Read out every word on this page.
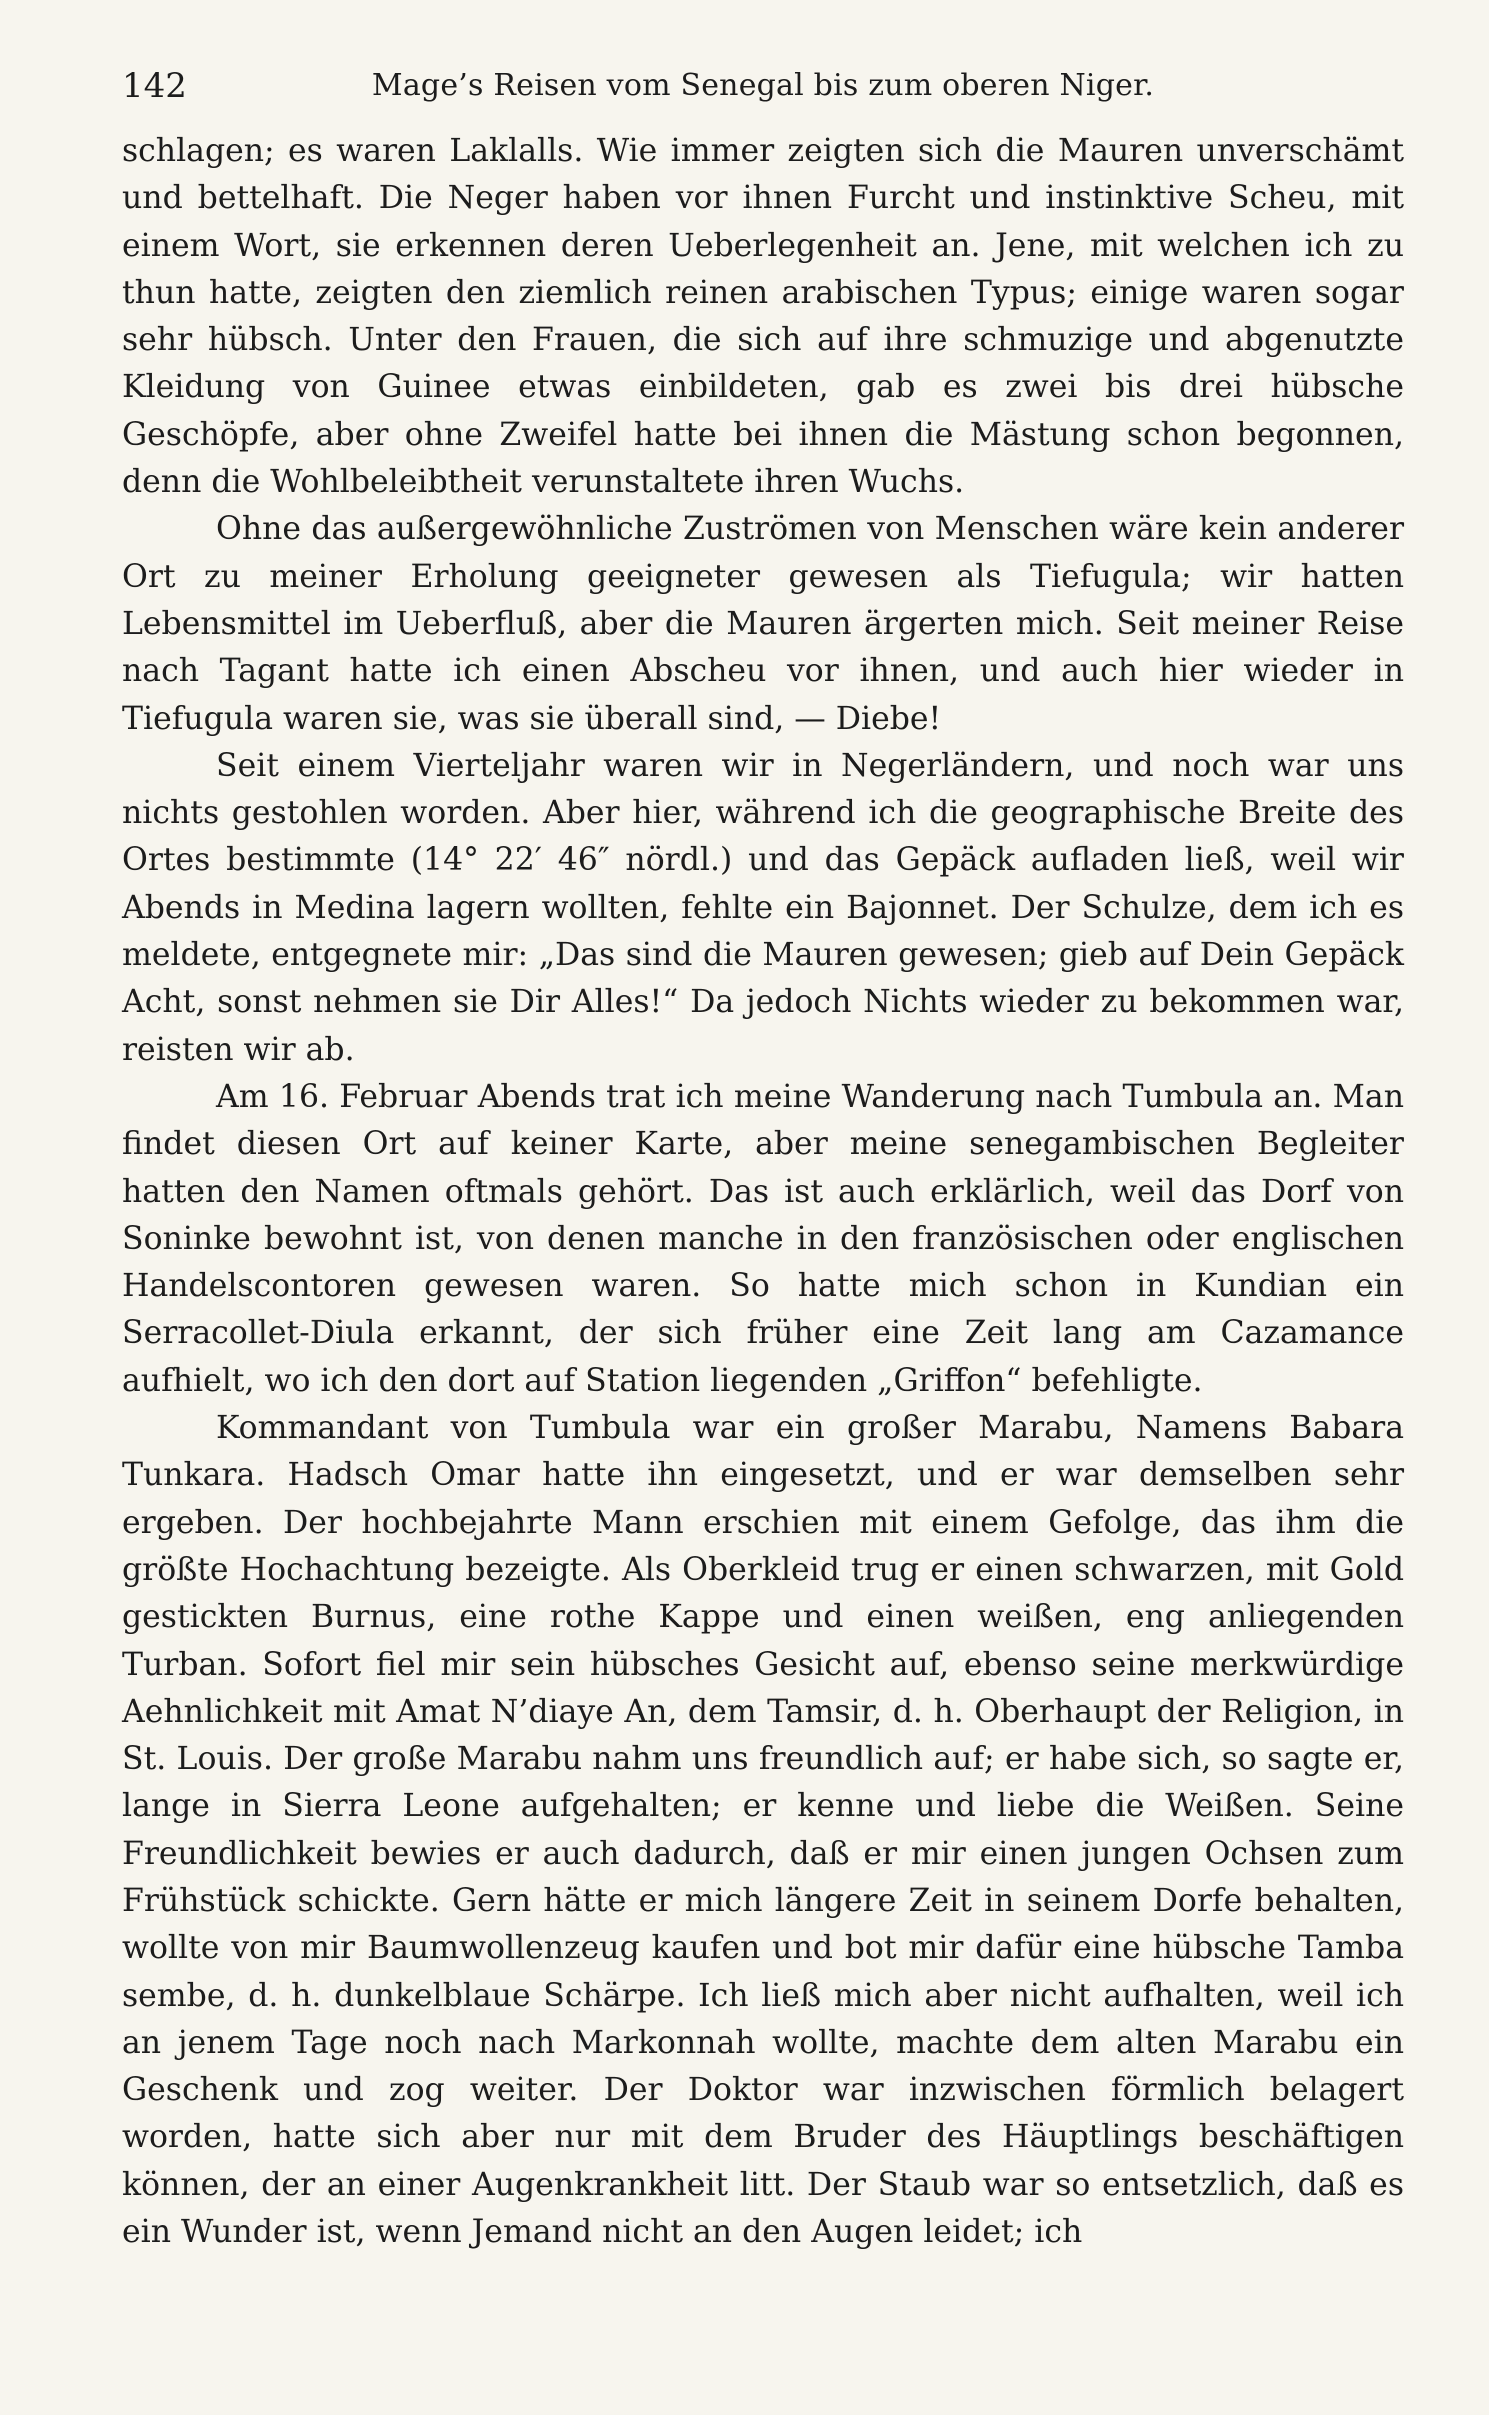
142	Mage’s Reisen vom Senegal bis zum oberen Niger.

schlagen; es waren Laklalls. Wie immer zeigten sich die Mauren unverschämt und bettelhaft. Die Neger haben vor ihnen Furcht und instinktive Scheu, mit einem Wort, sie erkennen deren Ueberlegenheit an. Jene, mit welchen ich zu thun hatte, zeigten den ziemlich reinen arabischen Typus; einige waren sogar sehr hübsch. Unter den Frauen, die sich auf ihre schmuzige und abgenutzte Kleidung von Guinee etwas einbildeten, gab es zwei bis drei hübsche Geschöpfe, aber ohne Zweifel hatte bei ihnen die Mästung schon begonnen, denn die Wohlbeleibtheit verunstaltete ihren Wuchs.

Ohne das außergewöhnliche Zuströmen von Menschen wäre kein anderer Ort zu meiner Erholung geeigneter gewesen als Tiefugula; wir hatten Lebensmittel im Ueberfluß, aber die Mauren ärgerten mich. Seit meiner Reise nach Tagant hatte ich einen Abscheu vor ihnen, und auch hier wieder in Tiefugula waren sie, was sie überall sind, — Diebe!

Seit einem Vierteljahr waren wir in Negerländern, und noch war uns nichts gestohlen worden. Aber hier, während ich die geographische Breite des Ortes bestimmte (14° 22′ 46″ nördl.) und das Gepäck aufladen ließ, weil wir Abends in Medina lagern wollten, fehlte ein Bajonnet. Der Schulze, dem ich es meldete, entgegnete mir: „Das sind die Mauren gewesen; gieb auf Dein Gepäck Acht, sonst nehmen sie Dir Alles!“ Da jedoch Nichts wieder zu bekommen war, reisten wir ab.

Am 16. Februar Abends trat ich meine Wanderung nach Tumbula an. Man findet diesen Ort auf keiner Karte, aber meine senegambischen Begleiter hatten den Namen oftmals gehört. Das ist auch erklärlich, weil das Dorf von Soninke bewohnt ist, von denen manche in den französischen oder englischen Handelscontoren gewesen waren. So hatte mich schon in Kundian ein Serracollet-Diula erkannt, der sich früher eine Zeit lang am Cazamance aufhielt, wo ich den dort auf Station liegenden „Griffon“ befehligte.

Kommandant von Tumbula war ein großer Marabu, Namens Babara Tunkara. Hadsch Omar hatte ihn eingesetzt, und er war demselben sehr ergeben. Der hochbejahrte Mann erschien mit einem Gefolge, das ihm die größte Hochachtung bezeigte. Als Oberkleid trug er einen schwarzen, mit Gold gestickten Burnus, eine rothe Kappe und einen weißen, eng anliegenden Turban. Sofort fiel mir sein hübsches Gesicht auf, ebenso seine merkwürdige Aehnlichkeit mit Amat N’diaye An, dem Tamsir, d. h. Oberhaupt der Religion, in St. Louis. Der große Marabu nahm uns freundlich auf; er habe sich, so sagte er, lange in Sierra Leone aufgehalten; er kenne und liebe die Weißen. Seine Freundlichkeit bewies er auch dadurch, daß er mir einen jungen Ochsen zum Frühstück schickte. Gern hätte er mich längere Zeit in seinem Dorfe behalten, wollte von mir Baumwollenzeug kaufen und bot mir dafür eine hübsche Tamba sembe, d. h. dunkelblaue Schärpe. Ich ließ mich aber nicht aufhalten, weil ich an jenem Tage noch nach Markonnah wollte, machte dem alten Marabu ein Geschenk und zog weiter. Der Doktor war inzwischen förmlich belagert worden, hatte sich aber nur mit dem Bruder des Häuptlings beschäftigen können, der an einer Augenkrankheit litt. Der Staub war so entsetzlich, daß es ein Wunder ist, wenn Jemand nicht an den Augen leidet; ich
